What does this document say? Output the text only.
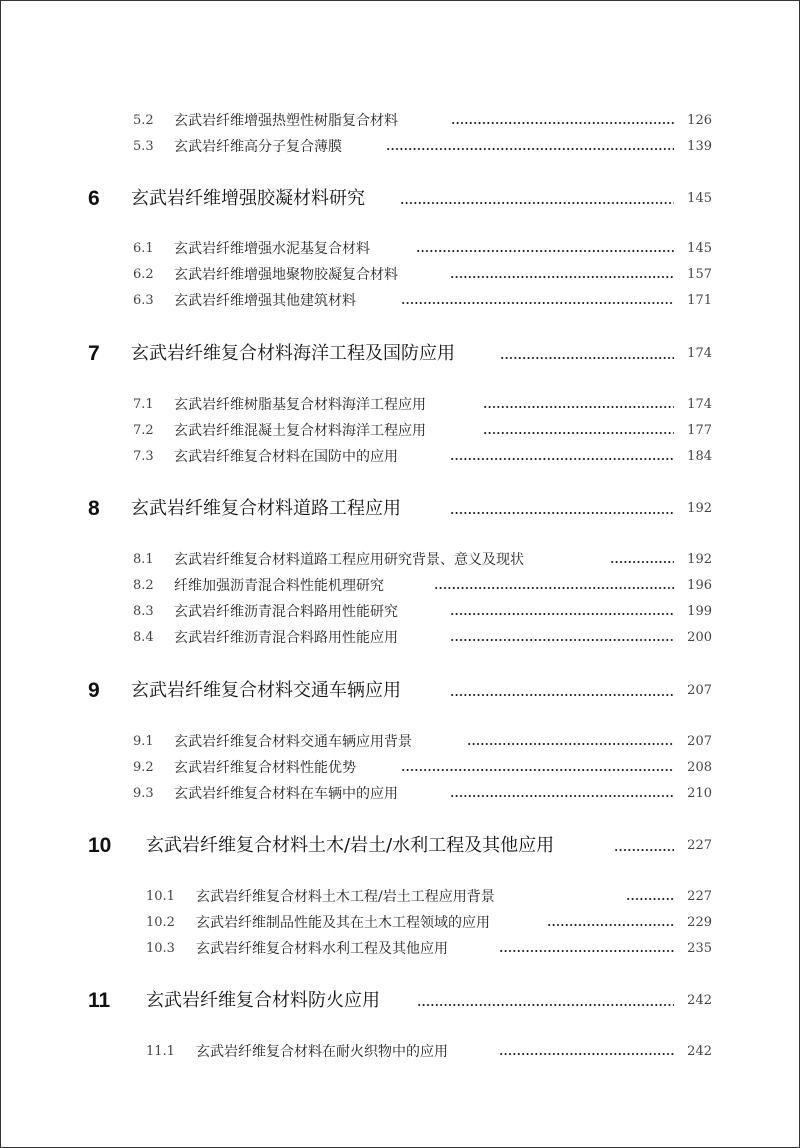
5.2 玄武岩纤维增强热塑性树脂复合材料	126
5.3 玄武岩纤维高分子复合薄膜	139
6 玄武岩纤维增强胶凝材料研究	145
6.1 玄武岩纤维增强水泥基复合材料	145
6.2 玄武岩纤维增强地聚物胶凝复合材料	157
6.3 玄武岩纤维增强其他建筑材料	171
7 玄武岩纤维复合材料海洋工程及国防应用	174
7.1 玄武岩纤维树脂基复合材料海洋工程应用	174
7.2 玄武岩纤维混凝土复合材料海洋工程应用	177
7.3 玄武岩纤维复合材料在国防中的应用	184
8 玄武岩纤维复合材料道路工程应用	192
8.1 玄武岩纤维复合材料道路工程应用研究背景、意义及现状	192
8.2 纤维加强沥青混合料性能机理研究	196
8.3 玄武岩纤维沥青混合料路用性能研究	199
8.4 玄武岩纤维沥青混合料路用性能应用	200
9 玄武岩纤维复合材料交通车辆应用	207
9.1 玄武岩纤维复合材料交通车辆应用背景	207
9.2 玄武岩纤维复合材料性能优势	208
9.3 玄武岩纤维复合材料在车辆中的应用	210
10 玄武岩纤维复合材料土木/岩土/水利工程及其他应用	227
10.1 玄武岩纤维复合材料土木工程/岩土工程应用背景	227
10.2 玄武岩纤维制品性能及其在土木工程领域的应用	229
10.3 玄武岩纤维复合材料水利工程及其他应用	235
11 玄武岩纤维复合材料防火应用	242
11.1 玄武岩纤维复合材料在耐火织物中的应用	242
